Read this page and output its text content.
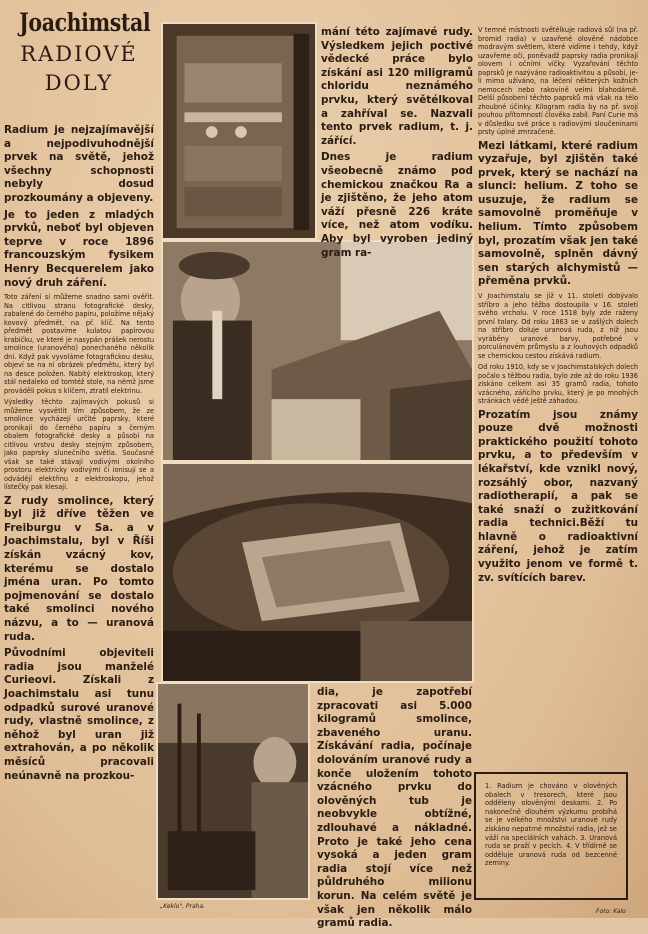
Joachimstal
RADIOVÉ
DOLY

Radium je nejzajímavější a nejpodivuhodnější prvek na světě, jehož všechny schopnosti nebyly dosud prozkoumány a objeveny.

Je to jeden z mladých prvků, neboť byl objeven teprve v roce 1896 francouzským fysikem Henry Becquerelem jako nový druh záření.

Toto záření si můžeme snadno sami ověřit. Na citlivou stranu fotografické desky, zabalené do černého papíru, položíme nějaký kovový předmět, na př. klíč. Na tento předmět postavíme kulatou papírovou krabičku, ve které je nasypán prášek nerostu smolince (uranového) ponechaného několik dní. Když pak vyvoláme fotografickou desku, objeví se na ní obrázek předmětu, který byl na desce položen. Nabitý elektroskop, který stál nedaleko od tomtéž stole, na němž jsme prováděli pokus s klíčem, ztratil elektrinu.

Výsledky těchto zajímavých pokusů si můžeme vysvětlit tím způsobem, že ze smolince vycházejí určité paprsky, které pronikají do černého papíru a černým obalem fotografické desky a působí na citlivou vrstvu desky stejným způsobem, jako paprsky slunečního světla. Současně však se také stávají vodivými okolního prostoru elektricky vodivými či ionisují se a odvádějí elektřinu z elektroskopu, jehož lístečky pak klesají.

Z rudy smolince, který byl již dříve těžen ve Freiburgu v Sa. a v Joachimstalu, byl v Říši získán vzácný kov, kterému se dostalo jména uran. Po tomto pojmenování se dostalo také smolinci nového názvu, a to — uranová ruda.

Původními objeviteli radia jsou manželé Curieovi. Získali z Joachimstalu asi tunu odpadků surové uranové rudy, vlastně smolince, z něhož byl uran již extrahován, a po několik měsíců pracovali neúnavně na prozkou-

„Keklo", Praha.

mání této zajímavé rudy. Výsledkem jejich poctivé vědecké práce bylo získání asi 120 miligramů chloridu neznámého prvku, který světélkoval a zahříval se. Nazvali tento prvek radium, t. j. zářící.

Dnes je radium všeobecně známo pod chemickou značkou Ra a je zjištěno, že jeho atom váží přesně 226 kráte více, než atom vodíku. Aby byl vyroben jediný gram ra-

dia, je zapotřebí zpracovati asi 5.000 kilogramů smolince, zbaveného uranu. Získávání radia, počínaje dolováním uranové rudy a konče uložením tohoto vzácného prvku do olověných tub je neobvykle obtížné, zdlouhavé a nákladné. Proto je také jeho cena vysoká a jeden gram radia stojí více než půldruhého milionu korun. Na celém světě je však jen několik málo gramů radia.

V temné místnosti světélkuje radiová sůl (na př. bromid radia) v uzavřené olověné nádobce modravým světlem, které vidíme i tehdy, když uzavřeme oči, poněvadž paprsky radia pronikají olovem i očními víčky. Vyzařování těchto paprsků je nazýváno radioaktivitou a působí, je-li mimo užíváno, na léčení některých kožních nemocech nebo rakovině velmi blahodárně. Delší působení těchto paprsků má však na tělo zhoubné účinky. Kilogram radia by na př. svojí pouhou přítomností člověka zabil. Paní Curie má v důsledku své práce s radiovými sloučeninami prsty úplně zmrzačené.

Mezi látkami, které radium vyzařuje, byl zjištěn také prvek, který se nachází na slunci: helium. Z toho se usuzuje, že radium se samovolně proměňuje v helium. Tímto způsobem byl, prozatím však jen také samovolně, splněn dávný sen starých alchymistů — přeměna prvků.

V Joachimstalu se již v 11. století dobývalo stříbro a jeho těžba dostoupila v 16. století svého vrcholu. V roce 1518 byly zde raženy první tolary. Od roku 1863 se v zašlých dolech na stříbro doluje uranová ruda, z níž jsou vyráběny uranové barvy, potřebné v porculánovém průmyslu a z louhových odpadků se chemickou cestou získává radium.

Od roku 1910, kdy se v Joachimstalských dolech počalo s těžbou radia, bylo zde až do roku 1936 získáno celkem asi 35 gramů radia, tohoto vzácného, zářícího prvku, který je po mnohých stránkách vědě ještě záhadou.

Prozatím jsou známy pouze dvě možnosti praktického použití tohoto prvku, a to především v lékařství, kde vznikl nový, rozsáhlý obor, nazvaný radiotherapií, a pak se také snaží o zužitkování radia technici.Běží tu hlavně o radioaktivní záření, jehož je zatím využito jenom ve formě t. zv. svítících barev.

1. Radium je chováno v olověných obalech v tresorech, které jsou odděleny olověnými deskami. 2. Po nakonečně dlouhém výzkumu probíhá se je velkého množství uranové rudy získáno nepatrné množství radia, jež se váží na speciálních vahách. 3. Uranová ruda se praží v pecích. 4. V třídírně se odděluje uranová ruda od bezcenné zeminy.
Foto: Kalo
